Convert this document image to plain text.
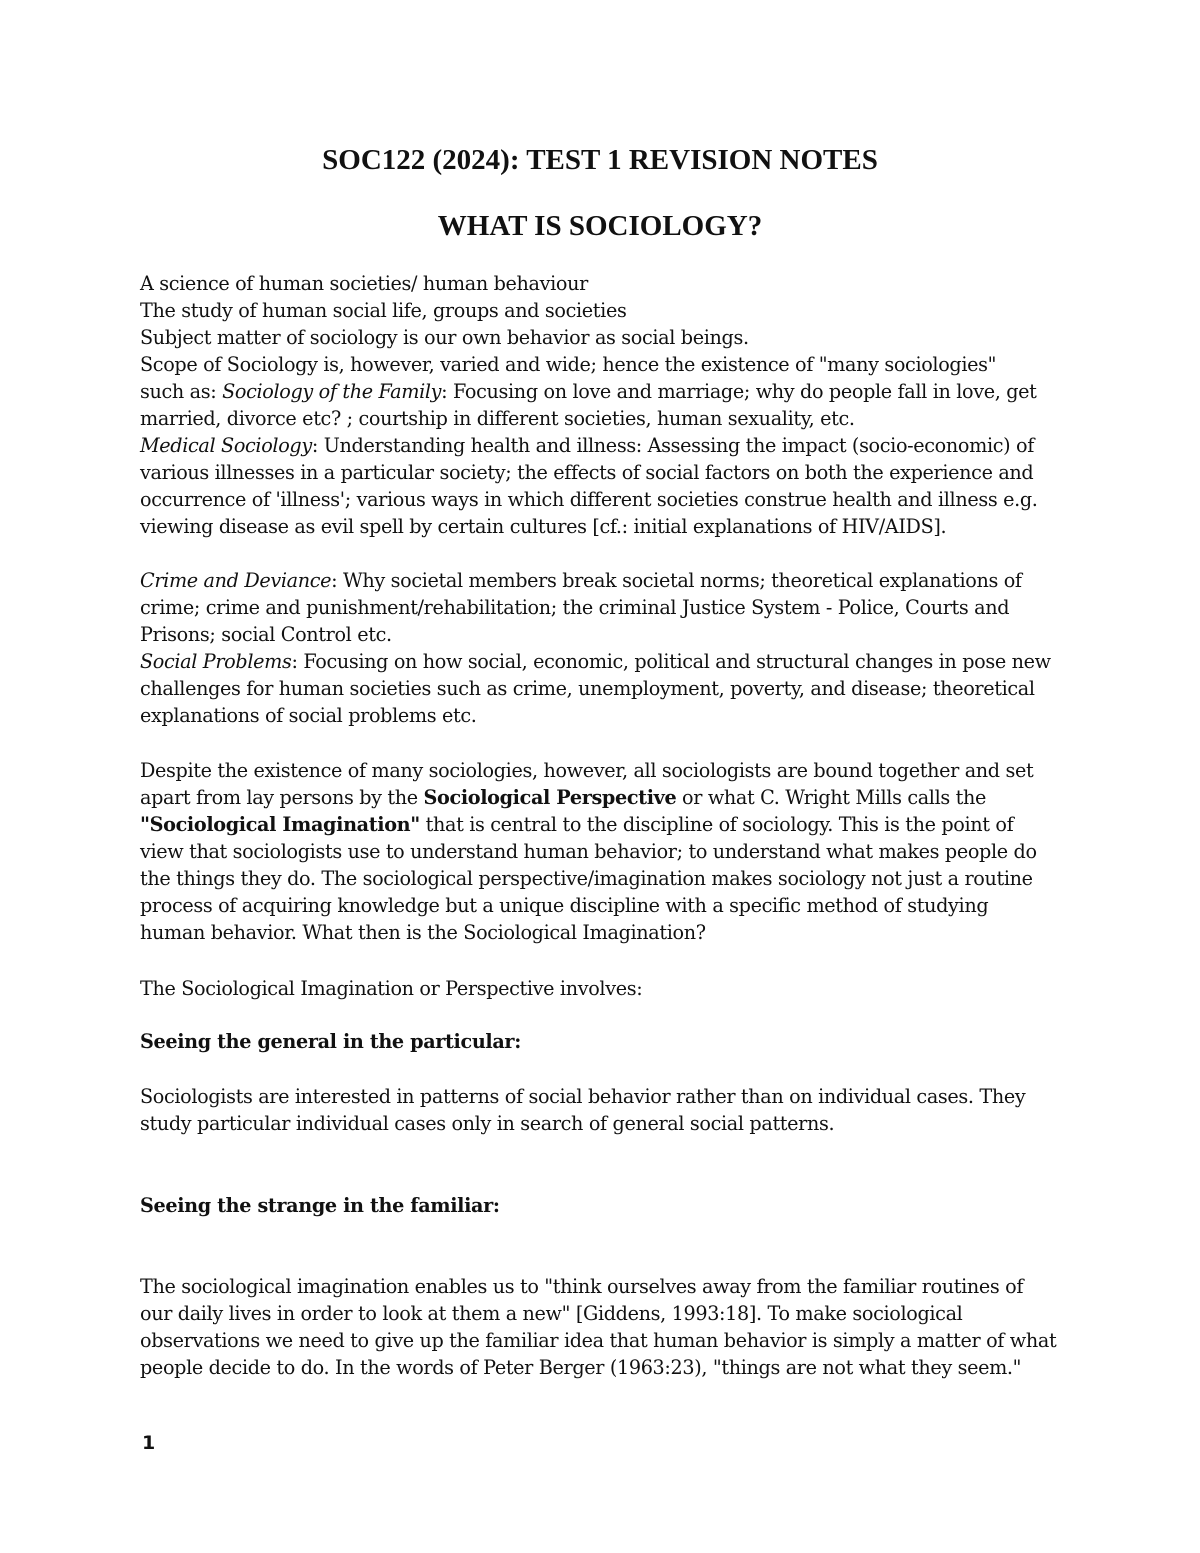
SOC122 (2024): TEST 1 REVISION NOTES
WHAT IS SOCIOLOGY?
A science of human societies/ human behaviour
The study of human social life, groups and societies
Subject matter of sociology is our own behavior as social beings.
Scope of Sociology is, however, varied and wide; hence the existence of "many sociologies"
such as: Sociology of the Family: Focusing on love and marriage; why do people fall in love, get
married, divorce etc? ; courtship in different societies, human sexuality, etc.
Medical Sociology: Understanding health and illness: Assessing the impact (socio-economic) of
various illnesses in a particular society; the effects of social factors on both the experience and
occurrence of 'illness'; various ways in which different societies construe health and illness e.g.
viewing disease as evil spell by certain cultures [cf.: initial explanations of HIV/AIDS].
Crime and Deviance: Why societal members break societal norms; theoretical explanations of
crime; crime and punishment/rehabilitation; the criminal Justice System - Police, Courts and
Prisons; social Control etc.
Social Problems: Focusing on how social, economic, political and structural changes in pose new
challenges for human societies such as crime, unemployment, poverty, and disease; theoretical
explanations of social problems etc.
Despite the existence of many sociologies, however, all sociologists are bound together and set
apart from lay persons by the Sociological Perspective or what C. Wright Mills calls the
"Sociological Imagination" that is central to the discipline of sociology. This is the point of
view that sociologists use to understand human behavior; to understand what makes people do
the things they do. The sociological perspective/imagination makes sociology not just a routine
process of acquiring knowledge but a unique discipline with a specific method of studying
human behavior. What then is the Sociological Imagination?
The Sociological Imagination or Perspective involves:
Seeing the general in the particular:
Sociologists are interested in patterns of social behavior rather than on individual cases. They
study particular individual cases only in search of general social patterns.
Seeing the strange in the familiar:
The sociological imagination enables us to "think ourselves away from the familiar routines of
our daily lives in order to look at them a new" [Giddens, 1993:18]. To make sociological
observations we need to give up the familiar idea that human behavior is simply a matter of what
people decide to do. In the words of Peter Berger (1963:23), "things are not what they seem."
1
